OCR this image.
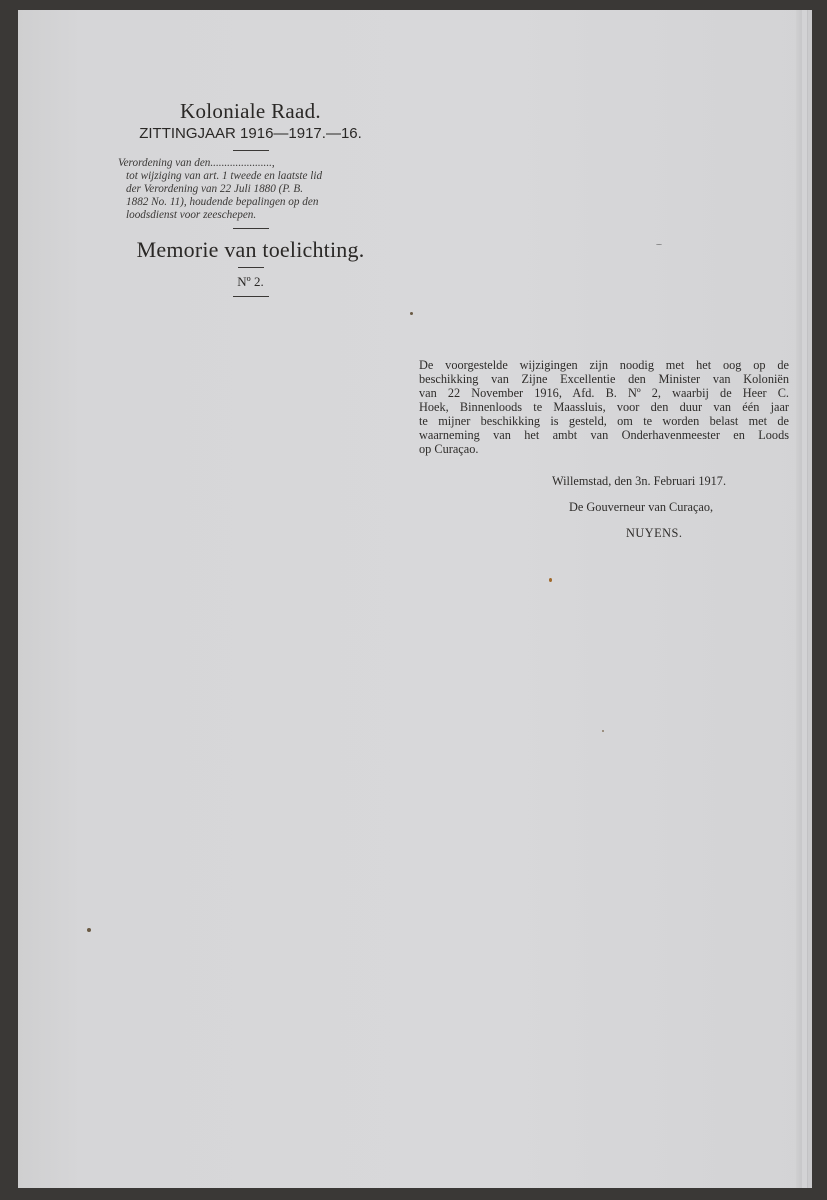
Koloniale Raad.

ZITTINGJAAR 1916—1917.—16.

Verordening van den......................,
tot wijziging van art. 1 tweede en laatste lid
der Verordening van 22 Juli 1880 (P. B.
1882 No. 11), houdende bepalingen op den
loodsdienst voor zeeschepen.

Memorie van toelichting.

Nº 2.

De voorgestelde wijzigingen zijn noodig met het oog op de
beschikking van Zijne Excellentie den Minister van Koloniën
van 22 November 1916, Afd. B. Nº 2, waarbij de Heer C.
Hoek, Binnenloods te Maassluis, voor den duur van één jaar
te mijner beschikking is gesteld, om te worden belast met de
waarneming van het ambt van Onderhavenmeester en Loods
op Curaçao.

Willemstad, den 3n. Februari 1917.

De Gouverneur van Curaçao,

NUYENS.
